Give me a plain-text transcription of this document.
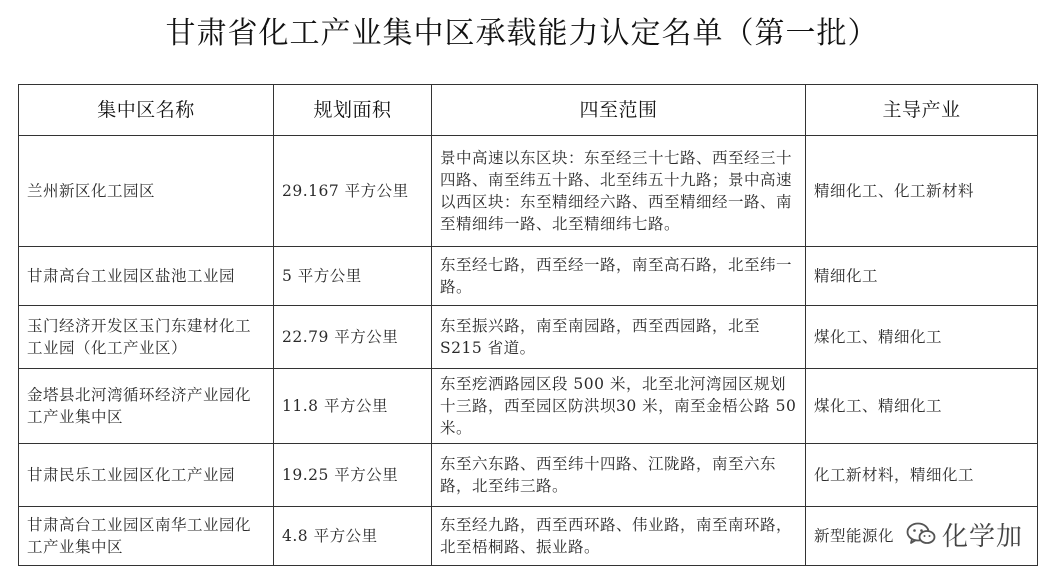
甘肃省化工产业集中区承载能力认定名单（第一批）
集中区名称	规划面积	四至范围	主导产业
兰州新区化工园区	29.167 平方公里	景中高速以东区块：东至经三十七路、西至经三十四路、南至纬五十路、北至纬五十九路；景中高速以西区块：东至精细经六路、西至精细经一路、南至精细纬一路、北至精细纬七路。	精细化工、化工新材料
甘肃高台工业园区盐池工业园	5 平方公里	东至经七路，西至经一路，南至高石路，北至纬一路。	精细化工
玉门经济开发区玉门东建材化工工业园（化工产业区）	22.79 平方公里	东至振兴路，南至南园路，西至西园路，北至S215 省道。	煤化工、精细化工
金塔县北河湾循环经济产业园化工产业集中区	11.8 平方公里	东至疙洒路园区段 500 米，北至北河湾园区规划十三路，西至园区防洪坝30 米，南至金梧公路 50 米。	煤化工、精细化工
甘肃民乐工业园区化工产业园	19.25 平方公里	东至六东路、西至纬十四路、江陇路，南至六东路，北至纬三路。	化工新材料，精细化工
甘肃高台工业园区南华工业园化工产业集中区	4.8 平方公里	东至经九路，西至西环路、伟业路，南至南环路，北至梧桐路、振业路。	新型能源化 化学加
